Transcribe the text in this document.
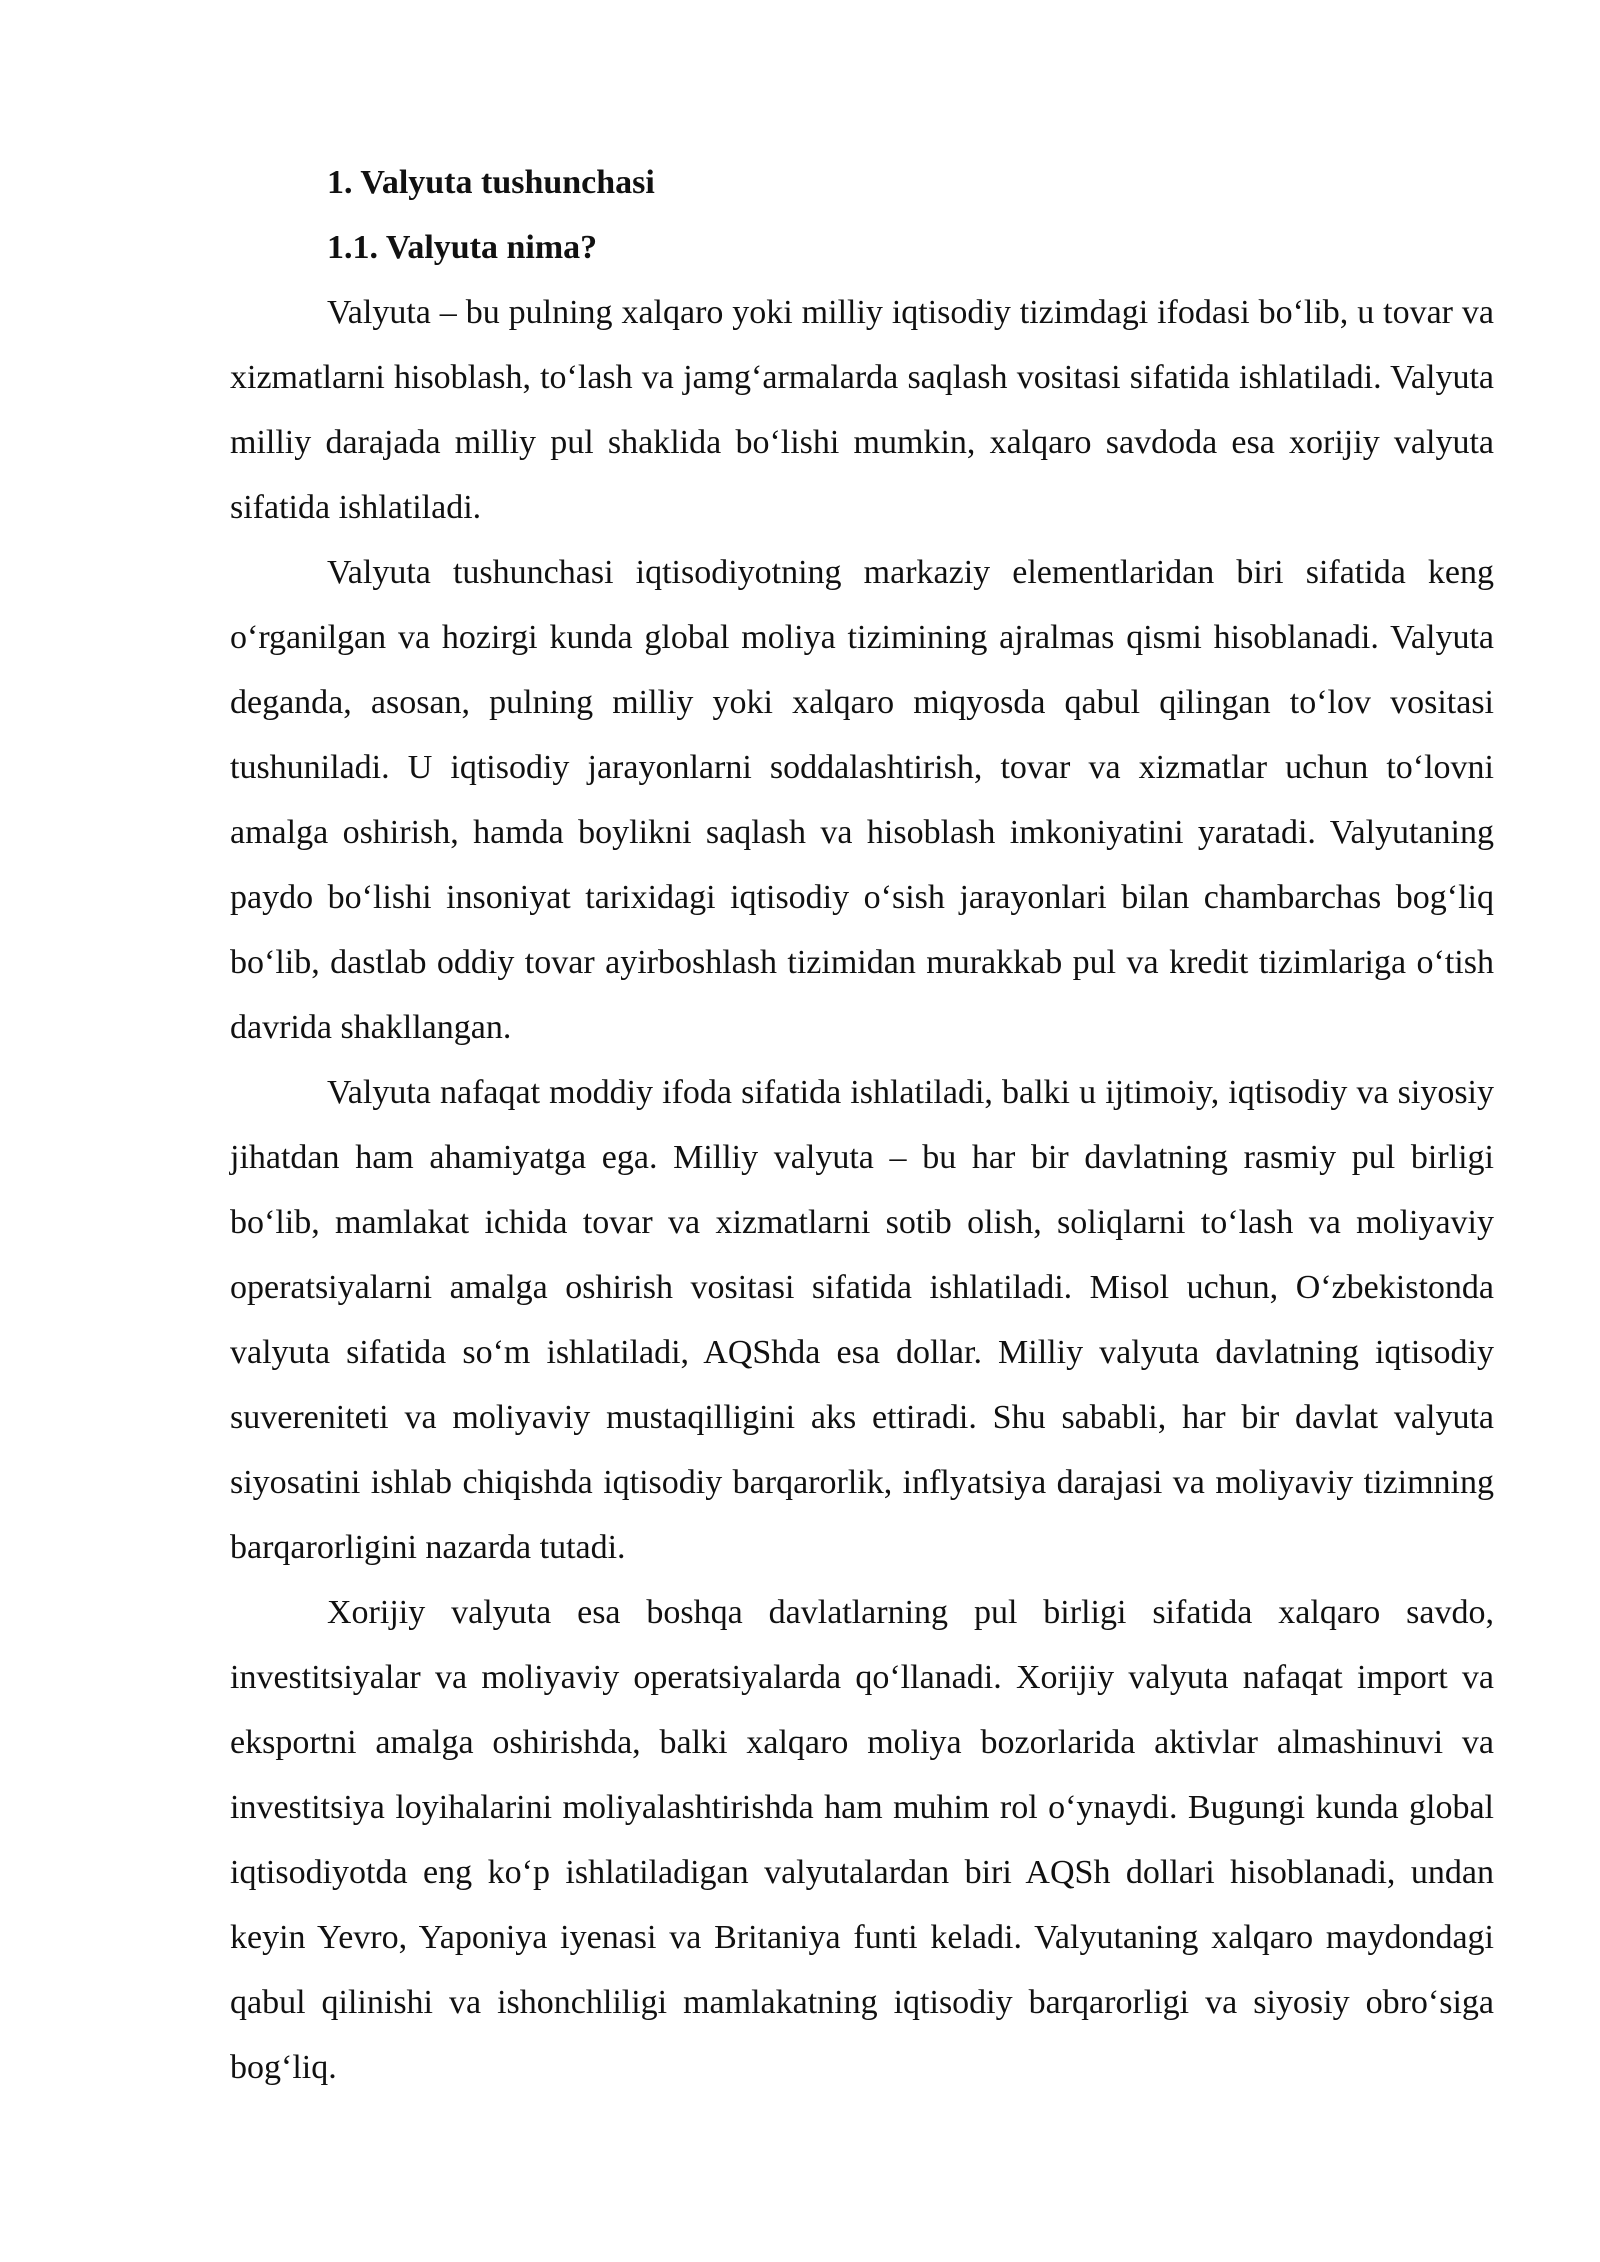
1. Valyuta tushunchasi
1.1. Valyuta nima?

Valyuta – bu pulning xalqaro yoki milliy iqtisodiy tizimdagi ifodasi bo‘lib, u tovar va xizmatlarni hisoblash, to‘lash va jamg‘armalarda saqlash vositasi sifatida ishlatiladi. Valyuta milliy darajada milliy pul shaklida bo‘lishi mumkin, xalqaro savdoda esa xorijiy valyuta sifatida ishlatiladi.

Valyuta tushunchasi iqtisodiyotning markaziy elementlaridan biri sifatida keng o‘rganilgan va hozirgi kunda global moliya tizimining ajralmas qismi hisoblanadi. Valyuta deganda, asosan, pulning milliy yoki xalqaro miqyosda qabul qilingan to‘lov vositasi tushuniladi. U iqtisodiy jarayonlarni soddalashtirish, tovar va xizmatlar uchun to‘lovni amalga oshirish, hamda boylikni saqlash va hisoblash imkoniyatini yaratadi. Valyutaning paydo bo‘lishi insoniyat tarixidagi iqtisodiy o‘sish jarayonlari bilan chambarchas bog‘liq bo‘lib, dastlab oddiy tovar ayirboshlash tizimidan murakkab pul va kredit tizimlariga o‘tish davrida shakllangan.

Valyuta nafaqat moddiy ifoda sifatida ishlatiladi, balki u ijtimoiy, iqtisodiy va siyosiy jihatdan ham ahamiyatga ega. Milliy valyuta – bu har bir davlatning rasmiy pul birligi bo‘lib, mamlakat ichida tovar va xizmatlarni sotib olish, soliqlarni to‘lash va moliyaviy operatsiyalarni amalga oshirish vositasi sifatida ishlatiladi. Misol uchun, O‘zbekistonda valyuta sifatida so‘m ishlatiladi, AQShda esa dollar. Milliy valyuta davlatning iqtisodiy suvereniteti va moliyaviy mustaqilligini aks ettiradi. Shu sababli, har bir davlat valyuta siyosatini ishlab chiqishda iqtisodiy barqarorlik, inflyatsiya darajasi va moliyaviy tizimning barqarorligini nazarda tutadi.

Xorijiy valyuta esa boshqa davlatlarning pul birligi sifatida xalqaro savdo, investitsiyalar va moliyaviy operatsiyalarda qo‘llanadi. Xorijiy valyuta nafaqat import va eksportni amalga oshirishda, balki xalqaro moliya bozorlarida aktivlar almashinuvi va investitsiya loyihalarini moliyalashtirishda ham muhim rol o‘ynaydi. Bugungi kunda global iqtisodiyotda eng ko‘p ishlatiladigan valyutalardan biri AQSh dollari hisoblanadi, undan keyin Yevro, Yaponiya iyenasi va Britaniya funti keladi. Valyutaning xalqaro maydondagi qabul qilinishi va ishonchliligi mamlakatning iqtisodiy barqarorligi va siyosiy obro‘siga bog‘liq.
